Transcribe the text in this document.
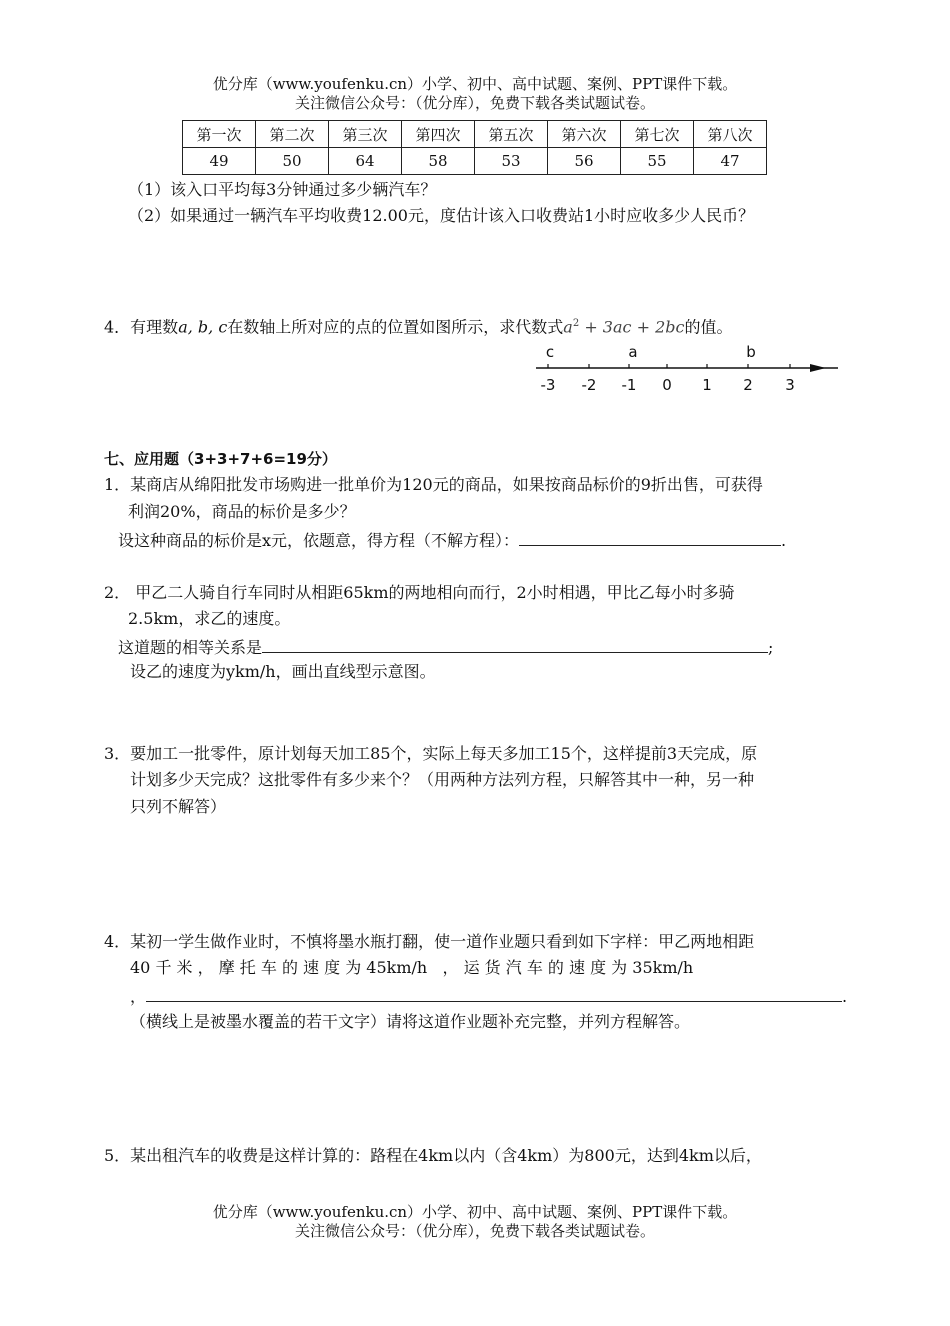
优分库（www.youfenku.cn）小学、初中、高中试题、案例、PPT课件下载。
关注微信公众号：（优分库），免费下载各类试题试卷。
第一次	第二次	第三次	第四次	第五次	第六次	第七次	第八次
49	50	64	58	53	56	55	47
（1）该入口平均每3分钟通过多少辆汽车？
（2）如果通过一辆汽车平均收费12.00元，度估计该入口收费站1小时应收多少人民币？
4．有理数a, b, c在数轴上所对应的点的位置如图所示，求代数式$a^2 + 3ac + 2bc$的值。
c	a	b
-3 -2 -1 0 1 2 3
七、应用题（3+3+7+6=19分）
1．某商店从绵阳批发市场购进一批单价为120元的商品，如果按商品标价的9折出售，可获得
利润20%，商品的标价是多少？
设这种商品的标价是x元，依题意，得方程（不解方程）：	.
2． 甲乙二人骑自行车同时从相距65km的两地相向而行，2小时相遇，甲比乙每小时多骑
2.5km，求乙的速度。
这道题的相等关系是	;
设乙的速度为ykm/h，画出直线型示意图。
3．要加工一批零件，原计划每天加工85个，实际上每天多加工15个，这样提前3天完成，原
计划多少天完成？这批零件有多少来个？（用两种方法列方程，只解答其中一种，另一种
只列不解答）
4．某初一学生做作业时，不慎将墨水瓶打翻，使一道作业题只看到如下字样：甲乙两地相距
40 千 米 ， 摩 托 车 的 速 度 为 45km/h   ， 运 货 汽 车 的 速 度 为 35km/h
，	.
（横线上是被墨水覆盖的若干文字）请将这道作业题补充完整，并列方程解答。
5．某出租汽车的收费是这样计算的：路程在4km以内（含4km）为800元，达到4km以后，
优分库（www.youfenku.cn）小学、初中、高中试题、案例、PPT课件下载。
关注微信公众号：（优分库），免费下载各类试题试卷。
